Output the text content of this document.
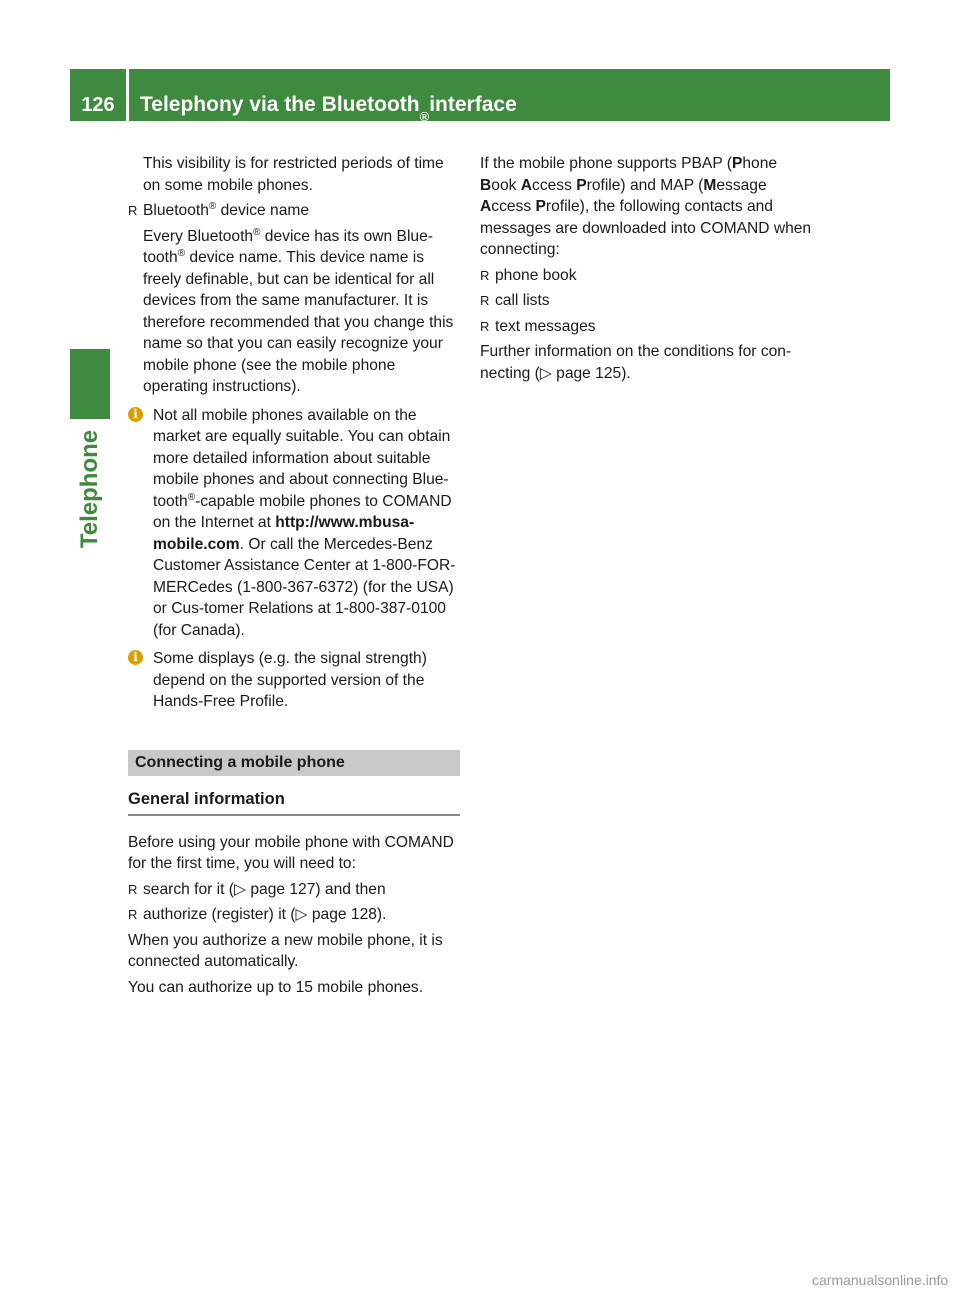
126	Telephony via the Bluetooth
®
interface
Telephone

This visibility is for restricted periods of time on some mobile phones.

R Bluetooth® device name

Every Bluetooth® device has its own Blue-tooth® device name. This device name is freely definable, but can be identical for all devices from the same manufacturer. It is therefore recommended that you change this name so that you can easily recognize your mobile phone (see the mobile phone operating instructions).

i Not all mobile phones available on the market are equally suitable. You can obtain more detailed information about suitable mobile phones and about connecting Blue-tooth®-capable mobile phones to COMAND on the Internet at http://www.mbusa-mobile.com. Or call the Mercedes-Benz Customer Assistance Center at 1-800-FOR-MERCedes (1-800-367-6372) (for the USA) or Cus-tomer Relations at 1-800-387-0100 (for Canada).
i Some displays (e.g. the signal strength) depend on the supported version of the Hands-Free Profile.
Connecting a mobile phone
General information

Before using your mobile phone with COMAND for the first time, you will need to:

R search for it (▷ page 127) and then
R authorize (register) it (▷ page 128).

When you authorize a new mobile phone, it is connected automatically.

You can authorize up to 15 mobile phones.

If the mobile phone supports PBAP (Phone Book Access Profile) and MAP (Message Access Profile), the following contacts and messages are downloaded into COMAND when connecting:

R phone book
R call lists
R text messages

Further information on the conditions for con-necting (▷ page 125).

carmanualsonline.info
